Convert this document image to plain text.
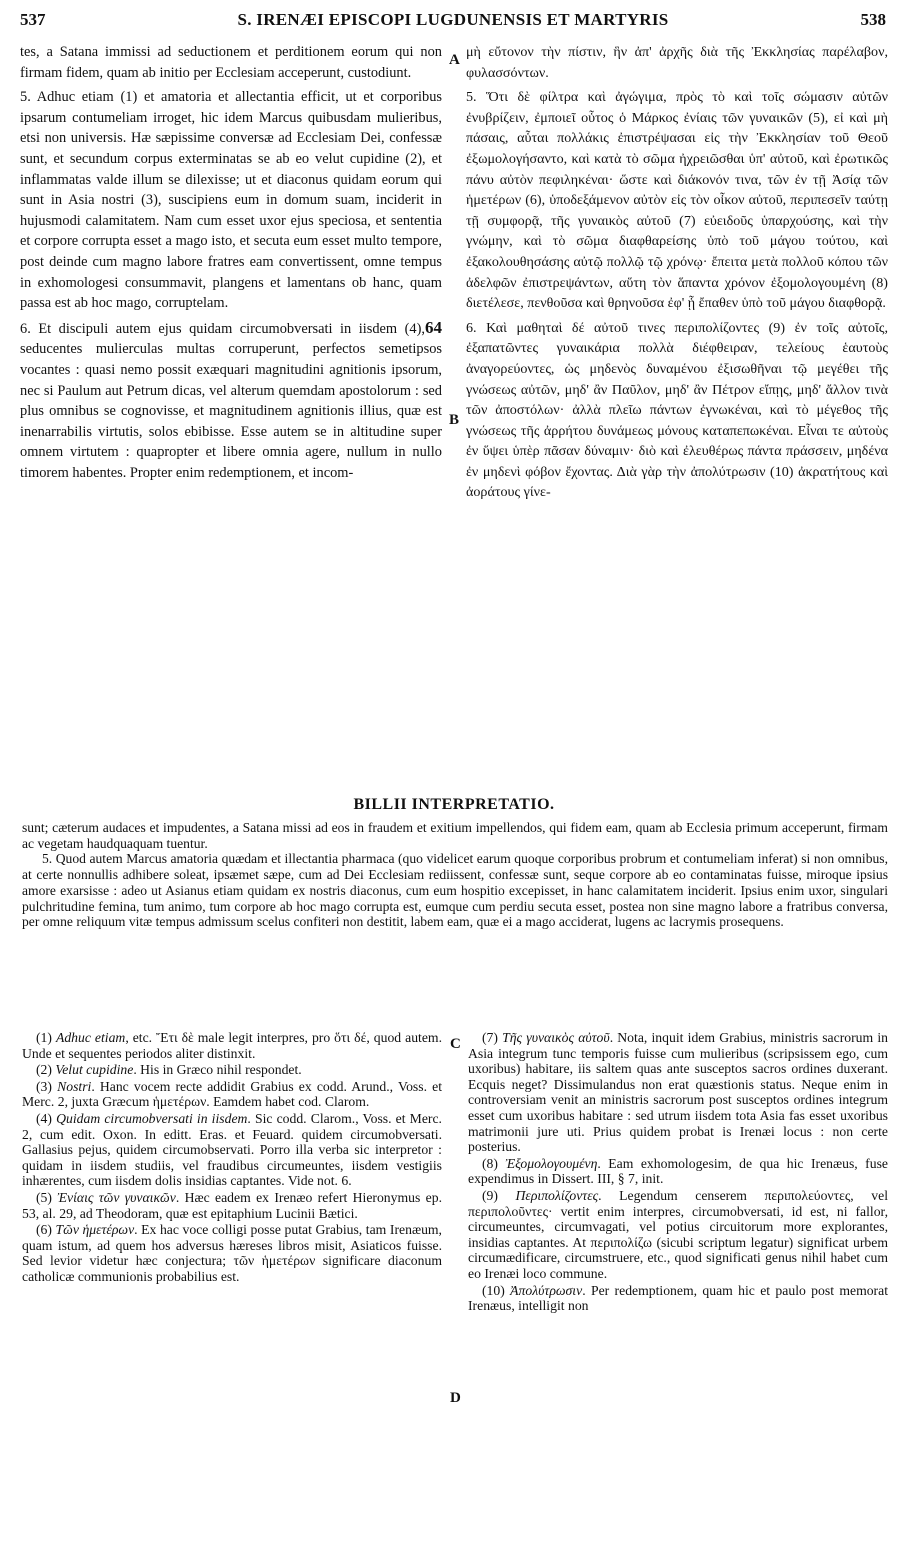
537	S. IRENÆI EPISCOPI LUGDUNENSIS ET MARTYRIS	538

tes, a Satana immissi ad seductionem et perditionem eorum qui non firmam fidem, quam ab initio per Ecclesiam acceperunt, custodiunt.

5. Adhuc etiam (1) et amatoria et allectantia efficit, ut et corporibus ipsarum contumeliam irroget, hic idem Marcus quibusdam mulieribus, etsi non universis. Hæ sæpissime conversæ ad Ecclesiam Dei, confessæ sunt, et secundum corpus exterminatas se ab eo velut cupidine (2), et inflammatas valde illum se dilexisse; ut et diaconus quidam eorum qui sunt in Asia nostri (3), suscipiens eum in domum suam, inciderit in hujusmodi calamitatem. Nam cum esset uxor ejus speciosa, et sententia et corpore corrupta esset a mago isto, et secuta eum esset multo tempore, post deinde cum magno labore fratres eam convertissent, omne tempus in exhomologesi consummavit, plangens et lamentans ob hanc, quam passa est ab hoc mago, corruptelam.

6. Et discipuli autem ejus quidam circumobversati in iisdem (4),64 seducentes mulierculas multas corruperunt, perfectos semetipsos vocantes : quasi nemo possit exæquari magnitudini agnitionis ipsorum, nec si Paulum aut Petrum dicas, vel alterum quemdam apostolorum : sed plus omnibus se cognovisse, et magnitudinem agnitionis illius, quæ est inenarrabilis virtutis, solos ebibisse. Esse autem se in altitudine super omnem virtutem : quapropter et libere omnia agere, nullum in nullo timorem habentes. Propter enim redemptionem, et incom-

A
B

μὴ εὔτονον τὴν πίστιν, ἣν ἀπ' ἀρχῆς διὰ τῆς Ἐκκλησίας παρέλαβον, φυλασσόντων.

5. Ὅτι δὲ φίλτρα καὶ ἀγώγιμα, πρὸς τὸ καὶ τοῖς σώμασιν αὐτῶν ἐνυβρίζειν, ἐμποιεῖ οὗτος ὁ Μάρκος ἐνίαις τῶν γυναικῶν (5), εἰ καὶ μὴ πάσαις, αὗται πολλάκις ἐπιστρέψασαι εἰς τὴν Ἐκκλησίαν τοῦ Θεοῦ ἐξωμολογήσαντο, καὶ κατὰ τὸ σῶμα ἠχρειῶσθαι ὑπ' αὐτοῦ, καὶ ἐρωτικῶς πάνυ αὐτὸν πεφιληκέναι· ὥστε καὶ διάκονόν τινα, τῶν ἐν τῇ Ἀσίᾳ τῶν ἡμετέρων (6), ὑποδεξάμενον αὐτὸν εἰς τὸν οἶκον αὐτοῦ, περιπεσεῖν ταύτῃ τῇ συμφορᾷ, τῆς γυναικὸς αὐτοῦ (7) εὐειδοῦς ὑπαρχούσης, καὶ τὴν γνώμην, καὶ τὸ σῶμα διαφθαρείσης ὑπὸ τοῦ μάγου τούτου, καὶ ἐξακολουθησάσης αὐτῷ πολλῷ τῷ χρόνῳ· ἔπειτα μετὰ πολλοῦ κόπου τῶν ἀδελφῶν ἐπιστρεψάντων, αὕτη τὸν ἅπαντα χρόνον ἐξομολογουμένη (8) διετέλεσε, πενθοῦσα καὶ θρηνοῦσα ἐφ' ᾗ ἔπαθεν ὑπὸ τοῦ μάγου διαφθορᾷ.

6. Καὶ μαθηταὶ δέ αὐτοῦ τινες περιπολίζοντες (9) ἐν τοῖς αὐτοῖς, ἐξαπατῶντες γυναικάρια πολλὰ διέφθειραν, τελείους ἑαυτοὺς ἀναγορεύοντες, ὡς μηδενὸς δυναμένου ἐξισωθῆναι τῷ μεγέθει τῆς γνώσεως αὐτῶν, μηδ' ἂν Παῦλον, μηδ' ἂν Πέτρον εἴπῃς, μηδ' ἄλλον τινὰ τῶν ἀποστόλων· ἀλλὰ πλεῖω πάντων ἐγνωκέναι, καὶ τὸ μέγεθος τῆς γνώσεως τῆς ἀρρήτου δυνάμεως μόνους καταπεπωκέναι. Εἶναι τε αὐτοὺς ἐν ὕψει ὑπὲρ πᾶσαν δύναμιν· διὸ καὶ ἐλευθέρως πάντα πράσσειν, μηδένα ἐν μηδενὶ φόβον ἔχοντας. Διὰ γὰρ τὴν ἀπολύτρωσιν (10) ἀκρατήτους καὶ ἀοράτους γίνε-

BILLII INTERPRETATIO.

sunt; cæterum audaces et impudentes, a Satana missi ad eos in fraudem et exitium impellendos, qui fidem eam, quam ab Ecclesia primum acceperunt, firmam ac vegetam haudquaquam tuentur.

5. Quod autem Marcus amatoria quædam et illectantia pharmaca (quo videlicet earum quoque corporibus probrum et contumeliam inferat) si non omnibus, at certe nonnullis adhibere soleat, ipsæmet sæpe, cum ad Dei Ecclesiam rediissent, confessæ sunt, seque corpore ab eo contaminatas fuisse, miroque ipsius amore exarsisse : adeo ut Asianus etiam quidam ex nostris diaconus, cum eum hospitio excepisset, in hanc calamitatem inciderit. Ipsius enim uxor, singulari pulchritudine femina, tum animo, tum corpore ab hoc mago corrupta est, eumque cum perdiu secuta esset, postea non sine magno labore a fratribus conversa, per omne reliquum vitæ tempus admissum scelus confiteri non destitit, labem eam, quæ ei a mago acciderat, lugens ac lacrymis prosequens.

C
D

(1) Adhuc etiam, etc. Ἔτι δὲ male legit interpres, pro ὅτι δέ, quod autem. Unde et sequentes periodos aliter distinxit.

(2) Velut cupidine. His in Græco nihil respondet.

(3) Nostri. Hanc vocem recte addidit Grabius ex codd. Arund., Voss. et Merc. 2, juxta Græcum ἡμετέρων. Eamdem habet cod. Clarom.

(4) Quidam circumobversati in iisdem. Sic codd. Clarom., Voss. et Merc. 2, cum edit. Oxon. In editt. Eras. et Feuard. quidem circumobversati. Gallasius pejus, quidem circumobservati. Porro illa verba sic interpretor : quidam in iisdem studiis, vel fraudibus circumeuntes, iisdem vestigiis inhærentes, cum iisdem dolis insidias captantes. Vide not. 6.

(5) Ἐνίαις τῶν γυναικῶν. Hæc eadem ex Irenæo refert Hieronymus ep. 53, al. 29, ad Theodoram, quæ est epitaphium Lucinii Bætici.

(6) Τῶν ἡμετέρων. Ex hac voce colligi posse putat Grabius, tam Irenæum, quam istum, ad quem hos adversus hæreses libros misit, Asiaticos fuisse. Sed levior videtur hæc conjectura; τῶν ἡμετέρων significare diaconum catholicæ communionis probabilius est.

(7) Τῆς γυναικὸς αὐτοῦ. Nota, inquit idem Grabius, ministris sacrorum in Asia integrum tunc temporis fuisse cum mulieribus (scripsissem ego, cum uxoribus) habitare, iis saltem quas ante susceptos sacros ordines duxerant. Ecquis neget? Dissimulandus non erat quæstionis status. Neque enim in controversiam venit an ministris sacrorum post susceptos ordines integrum esset cum uxoribus habitare : sed utrum iisdem tota Asia fas esset uxoribus matrimonii jure uti. Prius quidem probat is Irenæi locus : non certe posterius.

(8) Ἐξομολογουμένη. Eam exhomologesim, de qua hic Irenæus, fuse expendimus in Dissert. III, § 7, init.

(9) Περιπολίζοντες. Legendum censerem περιπολεύοντες, vel περιπολοῦντες· vertit enim interpres, circumobversati, id est, ni fallor, circumeuntes, circumvagati, vel potius circuitorum more explorantes, insidias captantes. At περιπολίζω (sicubi scriptum legatur) significat urbem circumædificare, circumstruere, etc., quod significati genus nihil habet cum eo Irenæi loco commune.

(10) Ἀπολύτρωσιν. Per redemptionem, quam hic et paulo post memorat Irenæus, intelligit non
